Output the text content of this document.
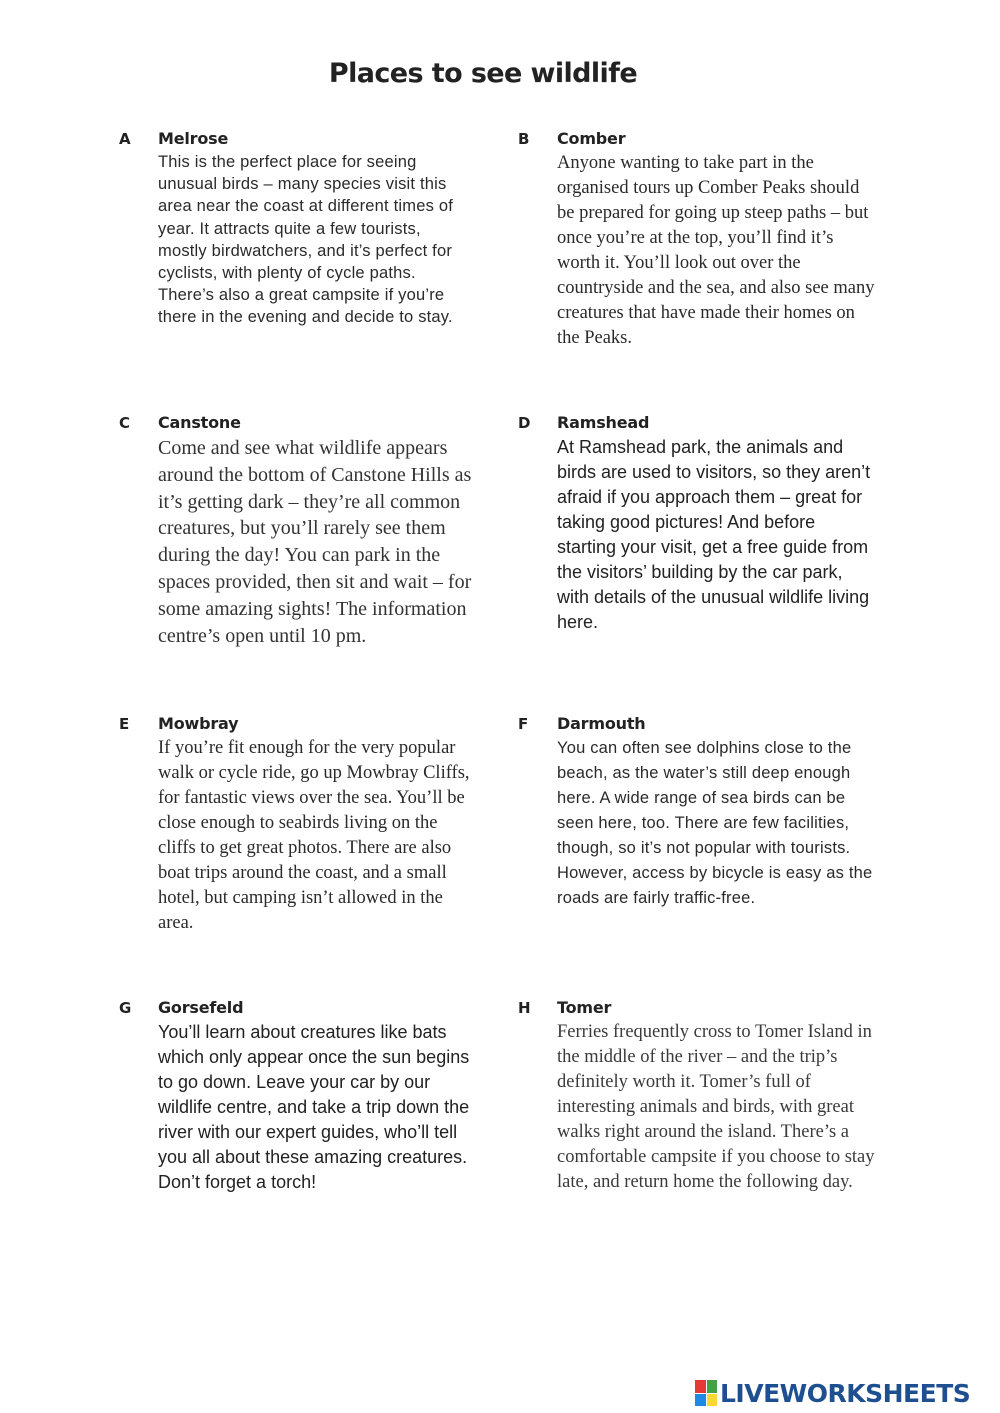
Places to see wildlife
A Melrose
This is the perfect place for seeing unusual birds – many species visit this area near the coast at different times of year. It attracts quite a few tourists, mostly birdwatchers, and it’s perfect for cyclists, with plenty of cycle paths. There’s also a great campsite if you’re there in the evening and decide to stay.
B Comber
Anyone wanting to take part in the organised tours up Comber Peaks should be prepared for going up steep paths – but once you’re at the top, you’ll find it’s worth it. You’ll look out over the countryside and the sea, and also see many creatures that have made their homes on the Peaks.
C Canstone
Come and see what wildlife appears around the bottom of Canstone Hills as it’s getting dark – they’re all common creatures, but you’ll rarely see them during the day! You can park in the spaces provided, then sit and wait – for some amazing sights! The information centre’s open until 10 pm.
D Ramshead
At Ramshead park, the animals and birds are used to visitors, so they aren’t afraid if you approach them – great for taking good pictures! And before starting your visit, get a free guide from the visitors’ building by the car park, with details of the unusual wildlife living here.
E Mowbray
If you’re fit enough for the very popular walk or cycle ride, go up Mowbray Cliffs, for fantastic views over the sea. You’ll be close enough to seabirds living on the cliffs to get great photos. There are also boat trips around the coast, and a small hotel, but camping isn’t allowed in the area.
F Darmouth
You can often see dolphins close to the beach, as the water’s still deep enough here. A wide range of sea birds can be seen here, too. There are few facilities, though, so it’s not popular with tourists. However, access by bicycle is easy as the roads are fairly traffic-free.
G Gorsefeld
You’ll learn about creatures like bats which only appear once the sun begins to go down. Leave your car by our wildlife centre, and take a trip down the river with our expert guides, who’ll tell you all about these amazing creatures. Don’t forget a torch!
H Tomer
Ferries frequently cross to Tomer Island in the middle of the river – and the trip’s definitely worth it. Tomer’s full of interesting animals and birds, with great walks right around the island. There’s a comfortable campsite if you choose to stay late, and return home the following day.
LIVEWORKSHEETS
